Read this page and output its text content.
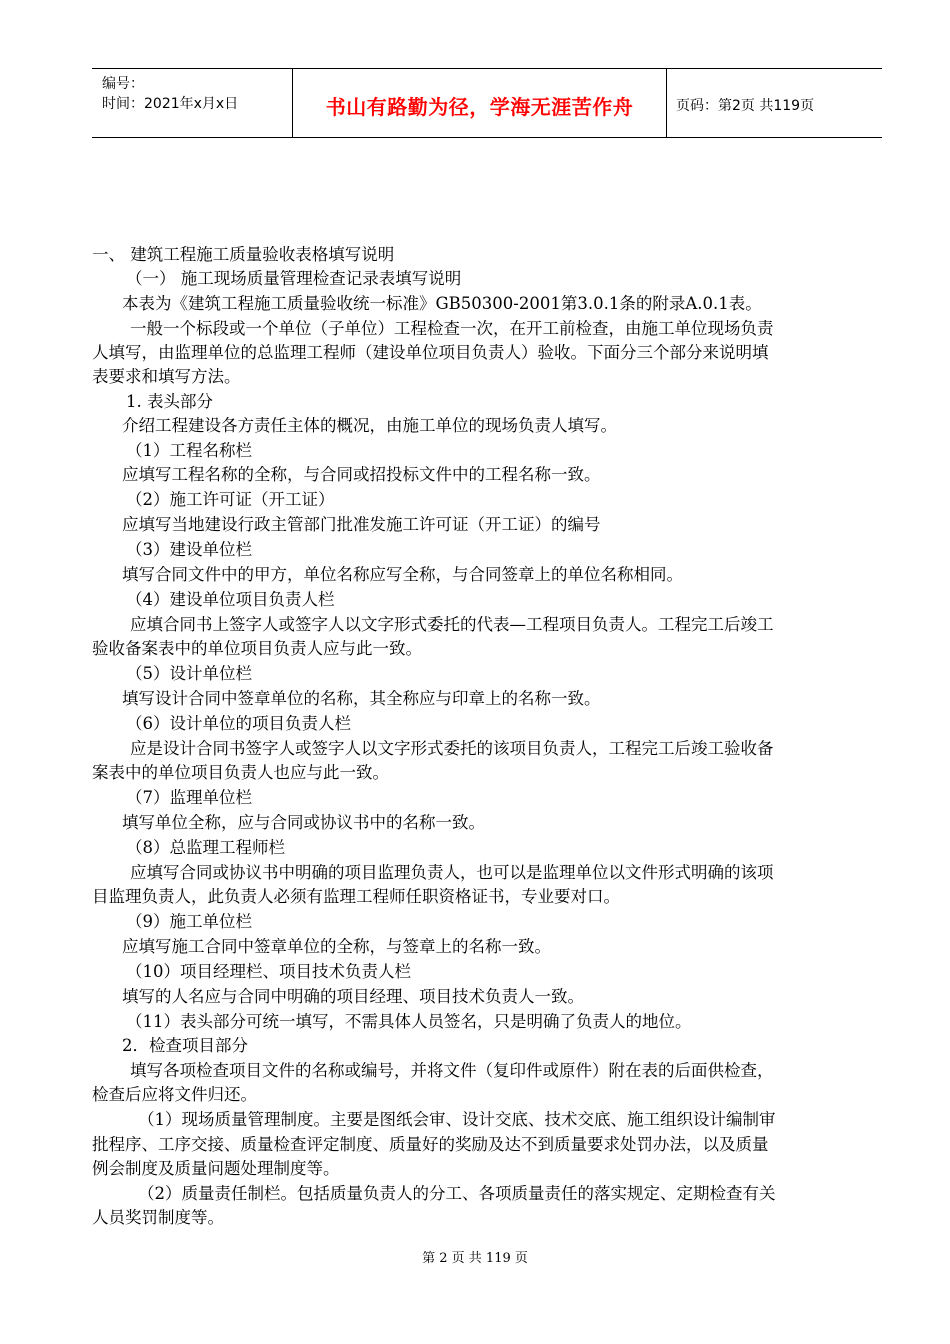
编号：
时间：2021年x月x日	书山有路勤为径，学海无涯苦作舟	页码：第2页 共119页
一、 建筑工程施工质量验收表格填写说明
（一） 施工现场质量管理检查记录表填写说明
本表为《建筑工程施工质量验收统一标准》GB50300-2001第3.0.1条的附录A.0.1表。
一般一个标段或一个单位（子单位）工程检查一次，在开工前检查，由施工单位现场负责
人填写，由监理单位的总监理工程师（建设单位项目负责人）验收。下面分三个部分来说明填
表要求和填写方法。
1. 表头部分
介绍工程建设各方责任主体的概况，由施工单位的现场负责人填写。
（1）工程名称栏
应填写工程名称的全称，与合同或招投标文件中的工程名称一致。
（2）施工许可证（开工证）
应填写当地建设行政主管部门批准发施工许可证（开工证）的编号
（3）建设单位栏
填写合同文件中的甲方，单位名称应写全称，与合同签章上的单位名称相同。
（4）建设单位项目负责人栏
应填合同书上签字人或签字人以文字形式委托的代表—工程项目负责人。工程完工后竣工
验收备案表中的单位项目负责人应与此一致。
（5）设计单位栏
填写设计合同中签章单位的名称，其全称应与印章上的名称一致。
（6）设计单位的项目负责人栏
应是设计合同书签字人或签字人以文字形式委托的该项目负责人，工程完工后竣工验收备
案表中的单位项目负责人也应与此一致。
（7）监理单位栏
填写单位全称，应与合同或协议书中的名称一致。
（8）总监理工程师栏
应填写合同或协议书中明确的项目监理负责人，也可以是监理单位以文件形式明确的该项
目监理负责人，此负责人必须有监理工程师任职资格证书，专业要对口。
（9）施工单位栏
应填写施工合同中签章单位的全称，与签章上的名称一致。
（10）项目经理栏、项目技术负责人栏
填写的人名应与合同中明确的项目经理、项目技术负责人一致。
（11）表头部分可统一填写，不需具体人员签名，只是明确了负责人的地位。
2．检查项目部分
填写各项检查项目文件的名称或编号，并将文件（复印件或原件）附在表的后面供检查，
检查后应将文件归还。
（1）现场质量管理制度。主要是图纸会审、设计交底、技术交底、施工组织设计编制审
批程序、工序交接、质量检查评定制度、质量好的奖励及达不到质量要求处罚办法，以及质量
例会制度及质量问题处理制度等。
（2）质量责任制栏。包括质量负责人的分工、各项质量责任的落实规定、定期检查有关
人员奖罚制度等。
第 2 页 共 119 页
